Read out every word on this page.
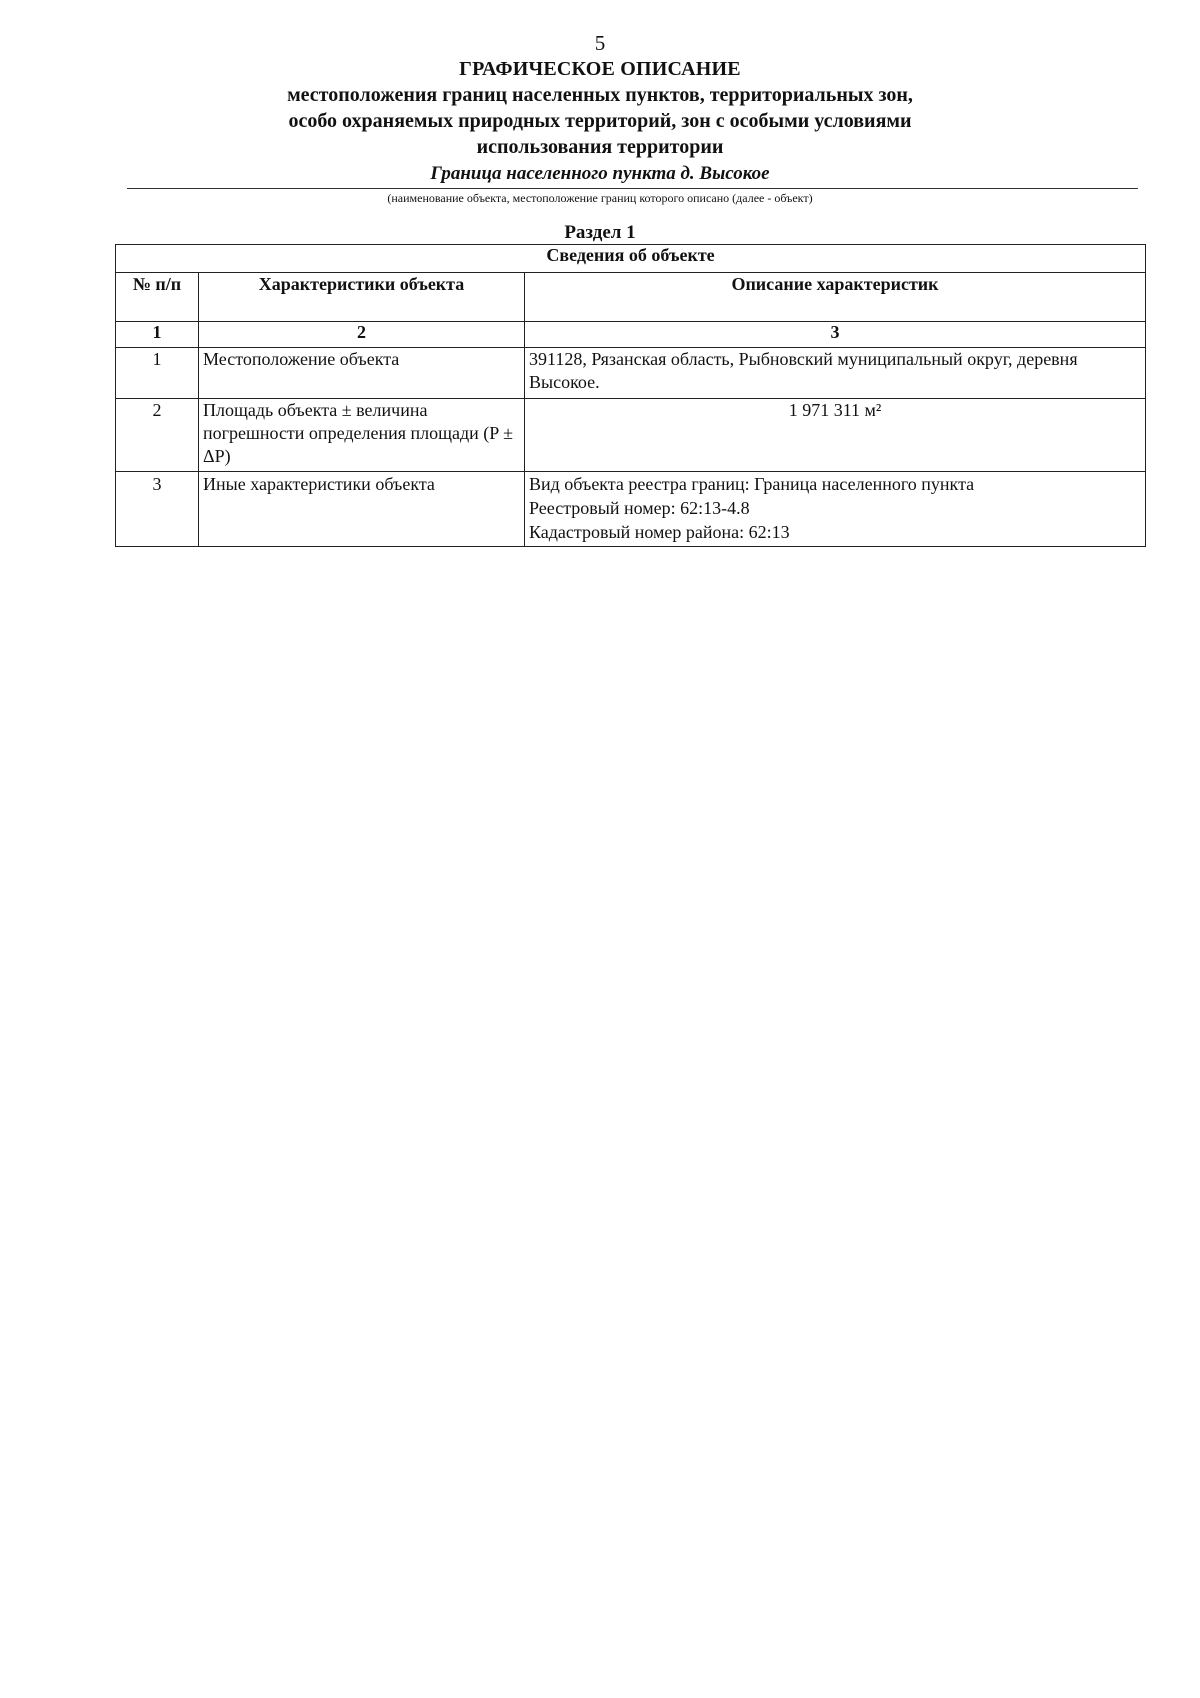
5
ГРАФИЧЕСКОЕ ОПИСАНИЕ
местоположения границ населенных пунктов, территориальных зон, особо охраняемых природных территорий, зон с особыми условиями использования территории
Граница населенного пункта д. Высокое
(наименование объекта, местоположение границ которого описано (далее - объект)
Раздел 1
Сведения об объекте		
№ п/п	Характеристики объекта	Описание характеристик
1	2	3
1	Местоположение объекта	391128, Рязанская область, Рыбновский муниципальный округ, деревня Высокое.
2	Площадь объекта ± величина погрешности определения площади (P ± ΔP)	1 971 311 м²
3	Иные характеристики объекта	Вид объекта реестра границ: Граница населенного пункта
Реестровый номер: 62:13-4.8
Кадастровый номер района: 62:13
